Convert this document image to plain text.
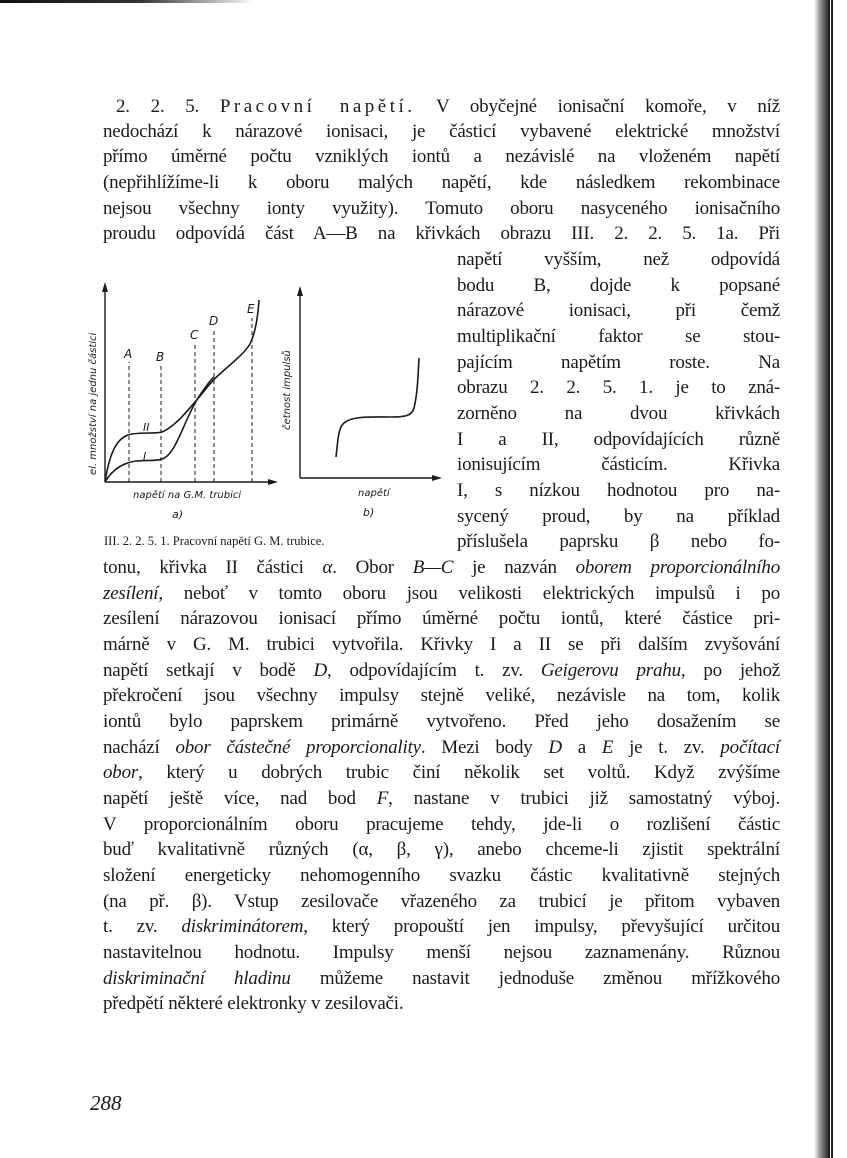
2. 2. 5. Pracovní napětí. V obyčejné ionisační komoře, v níž
nedochází k nárazové ionisaci, je částicí vybavené elektrické množství
přímo úměrné počtu vzniklých iontů a nezávislé na vloženém napětí
(nepřihlížíme-li k oboru malých napětí, kde následkem rekombinace
nejsou všechny ionty využity). Tomuto oboru nasyceného ionisačního
proudu odpovídá část A—B na křivkách obrazu III. 2. 2. 5. 1a. Při
napětí vyšším, než odpovídá
bodu B, dojde k popsané
nárazové ionisaci, při čemž
multiplikační faktor se stou-
pajícím napětím roste. Na
obrazu 2. 2. 5. 1. je to zná-
zorněno na dvou křivkách
I a II, odpovídajících různě
ionisujícím částicím. Křivka
I, s nízkou hodnotou pro na-
sycený proud, by na příklad
příslušela paprsku β nebo fo-
A B
C
D
E
II
I
el. množství na jednu částici
napětí na G.M. trubici
a)
četnost impulsů
napětí
b)
III. 2. 2. 5. 1. Pracovní napětí G. M. trubice.
tonu, křivka II částici α. Obor B—C je nazván oborem proporcionálního
zesílení, neboť v tomto oboru jsou velikosti elektrických impulsů i po
zesílení nárazovou ionisací přímo úměrné počtu iontů, které částice pri-
márně v G. M. trubici vytvořila. Křivky I a II se při dalším zvyšování
napětí setkají v bodě D, odpovídajícím t. zv. Geigerovu prahu, po jehož
překročení jsou všechny impulsy stejně veliké, nezávisle na tom, kolik
iontů bylo paprskem primárně vytvořeno. Před jeho dosažením se
nachází obor částečné proporcionality. Mezi body D a E je t. zv. počítací
obor, který u dobrých trubic činí několik set voltů. Když zvýšíme
napětí ještě více, nad bod F, nastane v trubici již samostatný výboj.
V proporcionálním oboru pracujeme tehdy, jde-li o rozlišení částic
buď kvalitativně různých (α, β, γ), anebo chceme-li zjistit spektrální
složení energeticky nehomogenního svazku částic kvalitativně stejných
(na př. β). Vstup zesilovače vřazeného za trubicí je přitom vybaven
t. zv. diskriminátorem, který propouští jen impulsy, převyšující určitou
nastavitelnou hodnotu. Impulsy menší nejsou zaznamenány. Různou
diskriminační hladinu můžeme nastavit jednoduše změnou mřížkového
předpětí některé elektronky v zesilovači.
288
